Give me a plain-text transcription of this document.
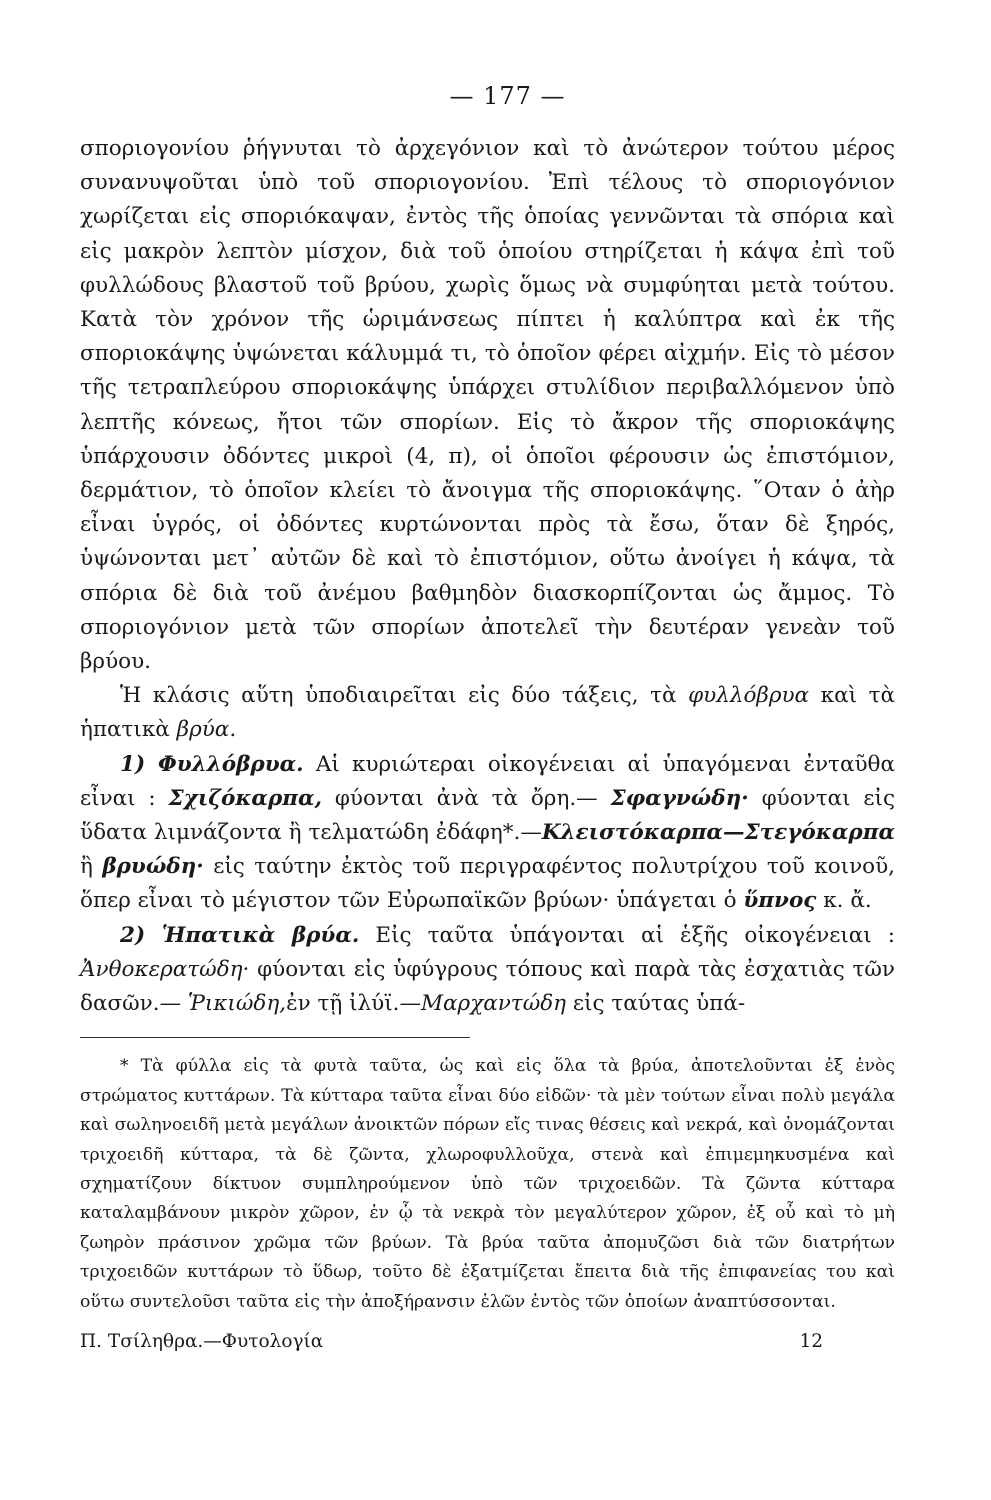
— 177 —

σποριογονίου ῥήγνυται τὸ ἀρχεγόνιον καὶ τὸ ἀνώτερον τούτου μέρος συνανυψοῦται ὑπὸ τοῦ σποριογονίου. Ἐπὶ τέλους τὸ σποριογόνιον χωρίζεται εἰς σποριόκαψαν, ἐντὸς τῆς ὁποίας γεννῶνται τὰ σπόρια καὶ εἰς μακρὸν λεπτὸν μίσχον, διὰ τοῦ ὁποίου στηρίζεται ἡ κάψα ἐπὶ τοῦ φυλλώδους βλαστοῦ τοῦ βρύου, χωρὶς ὅμως νὰ συμφύηται μετὰ τούτου. Κατὰ τὸν χρόνον τῆς ὡριμάνσεως πίπτει ἡ καλύπτρα καὶ ἐκ τῆς σποριοκάψης ὑψώνεται κάλυμμά τι, τὸ ὁποῖον φέρει αἰχμήν. Εἰς τὸ μέσον τῆς τετραπλεύρου σποριοκάψης ὑπάρχει στυλίδιον περιβαλλόμενον ὑπὸ λεπτῆς κόνεως, ἤτοι τῶν σπορίων. Εἰς τὸ ἄκρον τῆς σποριοκάψης ὑπάρχουσιν ὀδόντες μικροὶ (4, π), οἱ ὁποῖοι φέρουσιν ὡς ἐπιστόμιον, δερμάτιον, τὸ ὁποῖον κλείει τὸ ἄνοιγμα τῆς σποριοκάψης. ῞Οταν ὁ ἀὴρ εἶναι ὑγρός, οἱ ὀδόντες κυρτώνονται πρὸς τὰ ἔσω, ὅταν δὲ ξηρός, ὑψώνονται μετ᾽ αὐτῶν δὲ καὶ τὸ ἐπιστόμιον, οὕτω ἀνοίγει ἡ κάψα, τὰ σπόρια δὲ διὰ τοῦ ἀνέμου βαθμηδὸν διασκορπίζονται ὡς ἄμμος. Τὸ σποριογόνιον μετὰ τῶν σπορίων ἀποτελεῖ τὴν δευτέραν γενεὰν τοῦ βρύου.

Ἡ κλάσις αὕτη ὑποδιαιρεῖται εἰς δύο τάξεις, τὰ φυλλόβρυα καὶ τὰ ἡπατικὰ βρύα.

1) Φυλλόβρυα. Αἱ κυριώτεραι οἰκογένειαι αἱ ὑπαγόμεναι ἐνταῦθα εἶναι : Σχιζόκαρπα, φύονται ἀνὰ τὰ ὄρη.— Σφαγνώδη· φύονται εἰς ὕδατα λιμνάζοντα ἢ τελματώδη ἐδάφη*.—Κλειστόκαρπα—Στεγόκαρπα ἢ βρυώδη· εἰς ταύτην ἐκτὸς τοῦ περιγραφέντος πολυτρίχου τοῦ κοινοῦ, ὅπερ εἶναι τὸ μέγιστον τῶν Εὐρωπαϊκῶν βρύων· ὑπάγεται ὁ ὕπνος κ. ἄ.

2) Ἡπατικὰ βρύα. Εἰς ταῦτα ὑπάγονται αἱ ἑξῆς οἰκογένειαι : Ἀνθοκερατώδη· φύονται εἰς ὑφύγρους τόπους καὶ παρὰ τὰς ἐσχατιὰς τῶν δασῶν.— Ῥικιώδη,ἐν τῇ ἰλύϊ.—Μαρχαντώδη εἰς ταύτας ὑπά-

* Τὰ φύλλα εἰς τὰ φυτὰ ταῦτα, ὡς καὶ εἰς ὅλα τὰ βρύα, ἀποτελοῦνται ἐξ ἑνὸς στρώματος κυττάρων. Τὰ κύτταρα ταῦτα εἶναι δύο εἰδῶν· τὰ μὲν τούτων εἶναι πολὺ μεγάλα καὶ σωληνοειδῆ μετὰ μεγάλων ἀνοικτῶν πόρων εἴς τινας θέσεις καὶ νεκρά, καὶ ὀνομάζονται τριχοειδῆ κύτταρα, τὰ δὲ ζῶντα, χλωροφυλλοῦχα, στενὰ καὶ ἐπιμεμηκυσμένα καὶ σχηματίζουν δίκτυον συμπληρούμενον ὑπὸ τῶν τριχοειδῶν. Τὰ ζῶντα κύτταρα καταλαμβάνουν μικρὸν χῶρον, ἐν ᾧ τὰ νεκρὰ τὸν μεγαλύτερον χῶρον, ἐξ οὗ καὶ τὸ μὴ ζωηρὸν πράσινον χρῶμα τῶν βρύων. Τὰ βρύα ταῦτα ἀπομυζῶσι διὰ τῶν διατρήτων τριχοειδῶν κυττάρων τὸ ὕδωρ, τοῦτο δὲ ἐξατμίζεται ἔπειτα διὰ τῆς ἐπιφανείας του καὶ οὕτω συντελοῦσι ταῦτα εἰς τὴν ἀποξήρανσιν ἑλῶν ἐντὸς τῶν ὁποίων ἀναπτύσσονται.

Π. Τσίληθρα.—Φυτολογία	12
